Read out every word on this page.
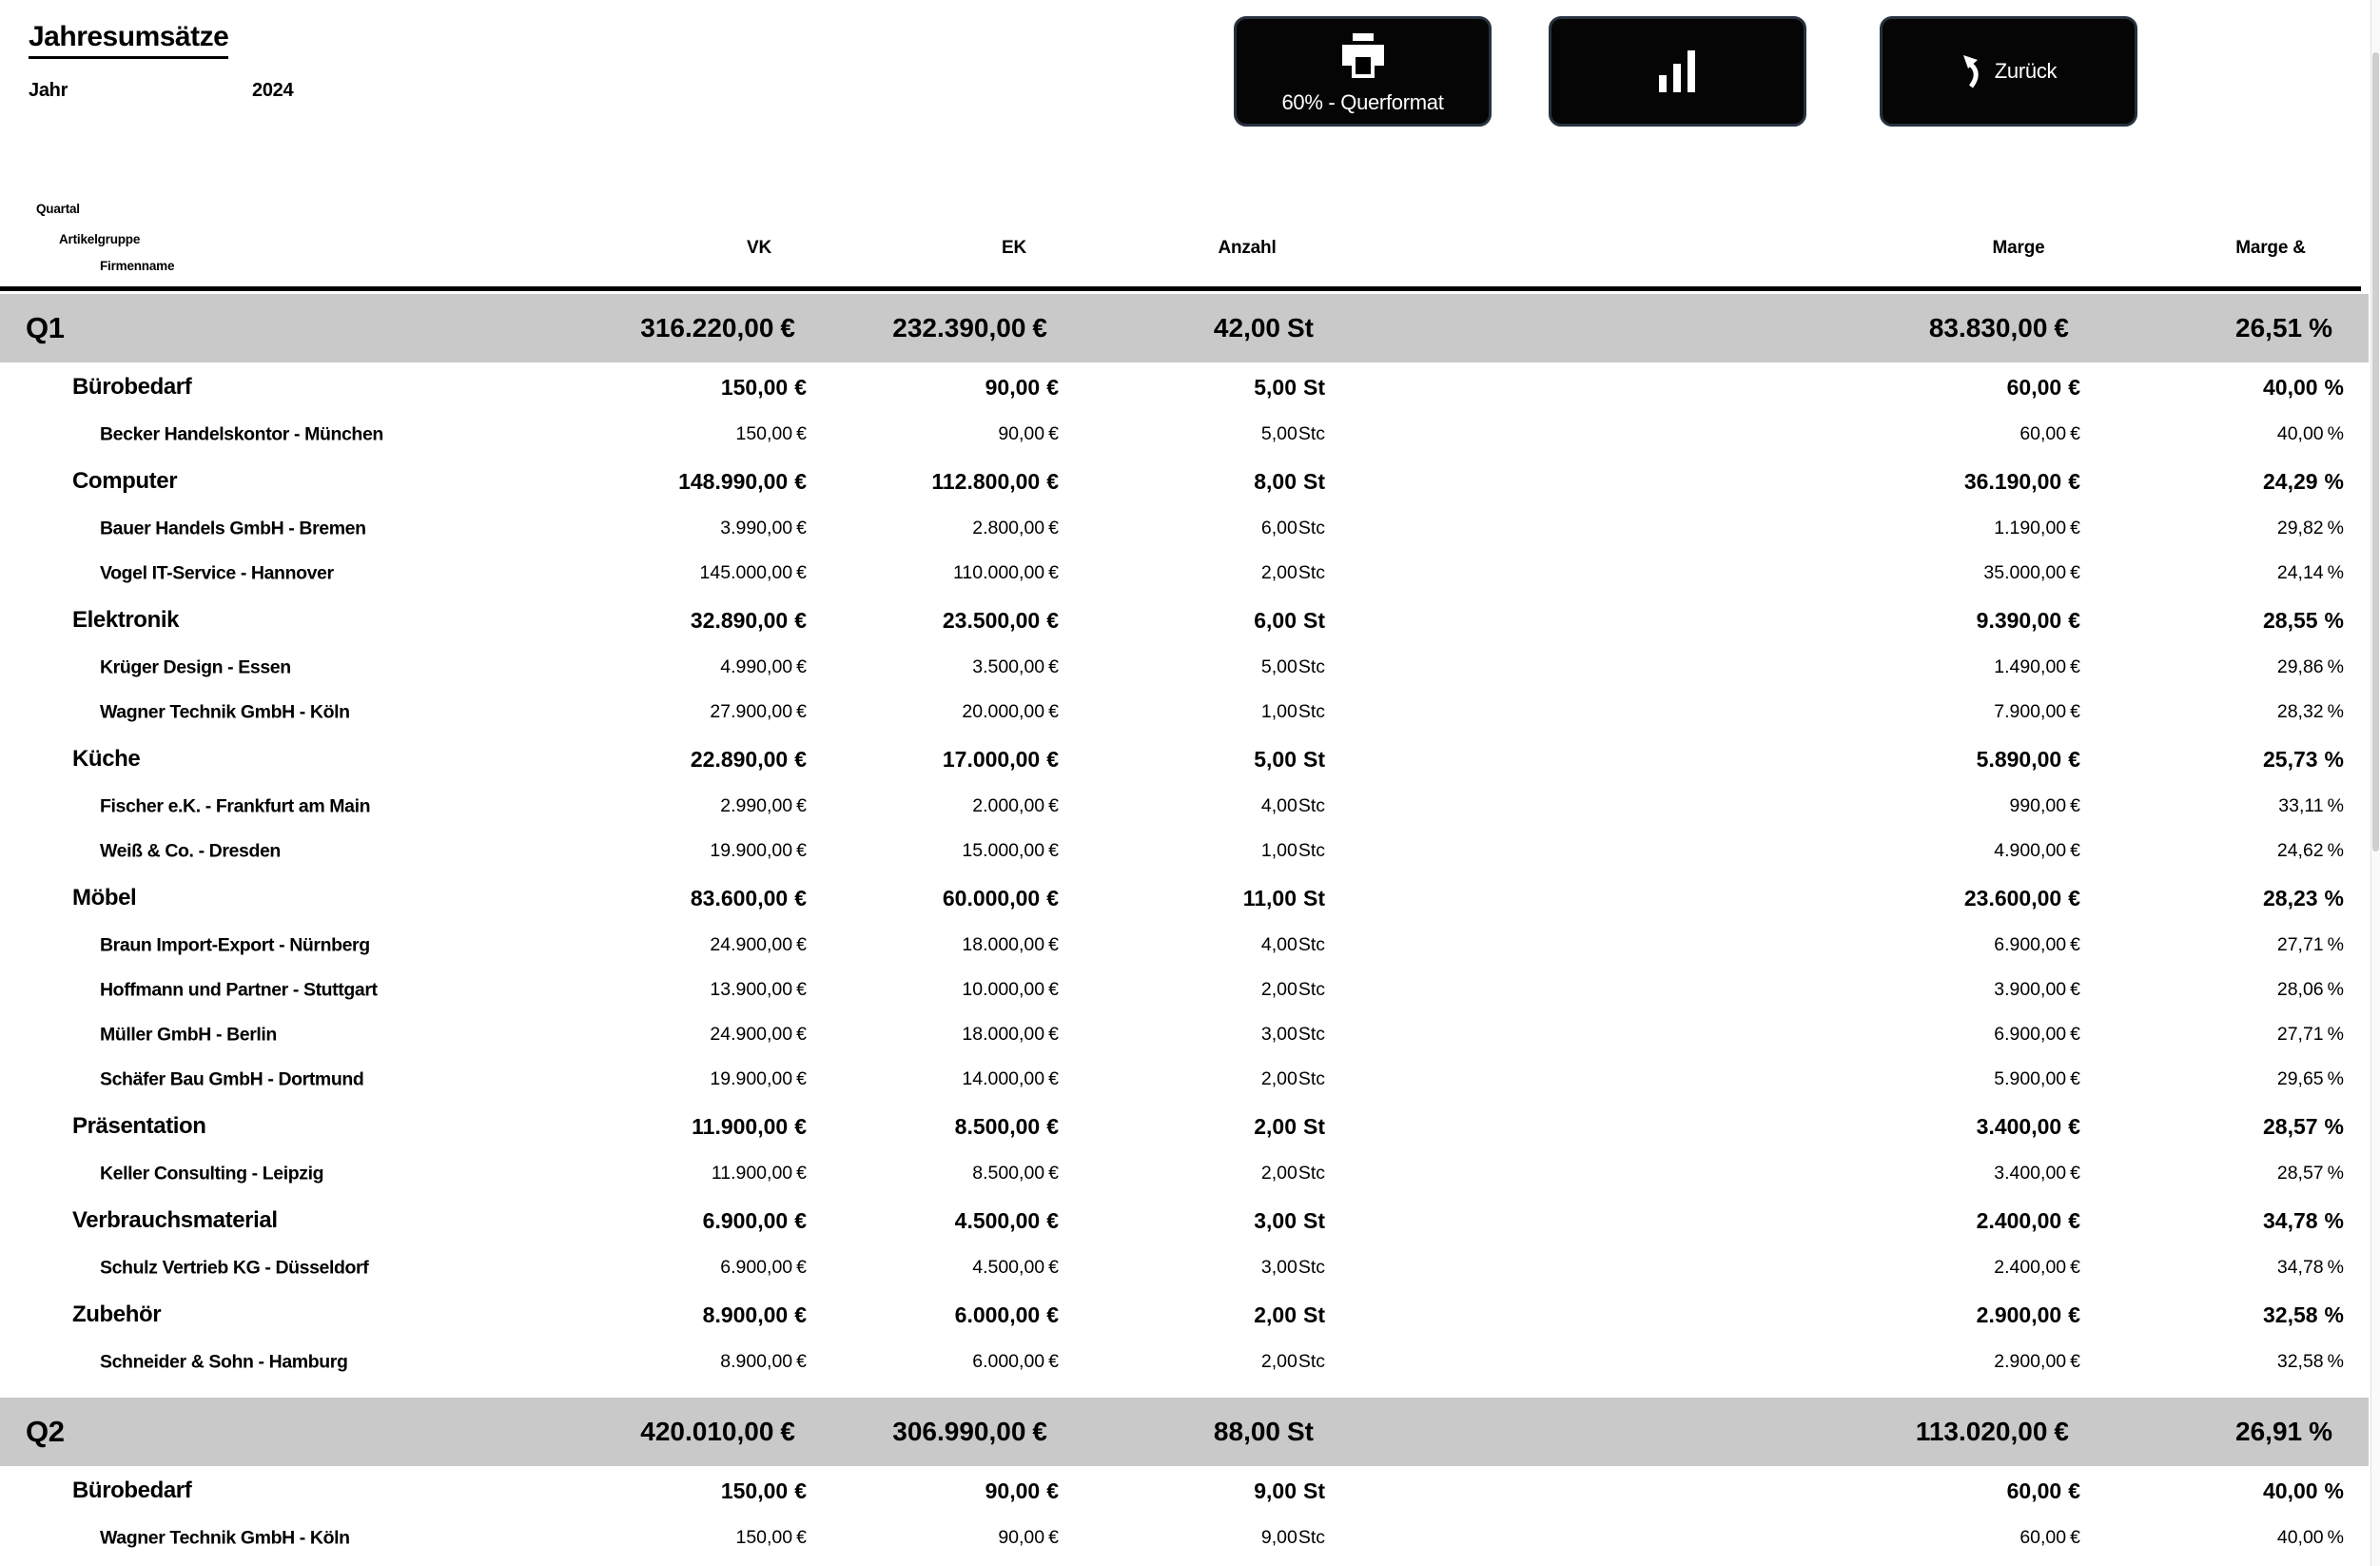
Jahresumsätze
Jahr	2024	60% - Querformat
Zurück
Quartal
Artikelgruppe
Firmenname
VK	EK	Anzahl	Marge	Marge &
Q1	316.220,00 €	232.390,00 €	42,00 St	83.830,00 €	26,51 %
Bürobedarf	150,00 €	90,00 €	5,00 St	60,00 €	40,00 %
Becker Handelskontor - München	150,00 €	90,00 €	5,00 Stc	60,00 €	40,00 %
Computer	148.990,00 €	112.800,00 €	8,00 St	36.190,00 €	24,29 %
Bauer Handels GmbH - Bremen	3.990,00 €	2.800,00 €	6,00 Stc	1.190,00 €	29,82 %
Vogel IT-Service - Hannover	145.000,00 €	110.000,00 €	2,00 Stc	35.000,00 €	24,14 %
Elektronik	32.890,00 €	23.500,00 €	6,00 St	9.390,00 €	28,55 %
Krüger Design - Essen	4.990,00 €	3.500,00 €	5,00 Stc	1.490,00 €	29,86 %
Wagner Technik GmbH - Köln	27.900,00 €	20.000,00 €	1,00 Stc	7.900,00 €	28,32 %
Küche	22.890,00 €	17.000,00 €	5,00 St	5.890,00 €	25,73 %
Fischer e.K. - Frankfurt am Main	2.990,00 €	2.000,00 €	4,00 Stc	990,00 €	33,11 %
Weiß & Co. - Dresden	19.900,00 €	15.000,00 €	1,00 Stc	4.900,00 €	24,62 %
Möbel	83.600,00 €	60.000,00 €	11,00 St	23.600,00 €	28,23 %
Braun Import-Export - Nürnberg	24.900,00 €	18.000,00 €	4,00 Stc	6.900,00 €	27,71 %
Hoffmann und Partner - Stuttgart	13.900,00 €	10.000,00 €	2,00 Stc	3.900,00 €	28,06 %
Müller GmbH - Berlin	24.900,00 €	18.000,00 €	3,00 Stc	6.900,00 €	27,71 %
Schäfer Bau GmbH - Dortmund	19.900,00 €	14.000,00 €	2,00 Stc	5.900,00 €	29,65 %
Präsentation	11.900,00 €	8.500,00 €	2,00 St	3.400,00 €	28,57 %
Keller Consulting - Leipzig	11.900,00 €	8.500,00 €	2,00 Stc	3.400,00 €	28,57 %
Verbrauchsmaterial	6.900,00 €	4.500,00 €	3,00 St	2.400,00 €	34,78 %
Schulz Vertrieb KG - Düsseldorf	6.900,00 €	4.500,00 €	3,00 Stc	2.400,00 €	34,78 %
Zubehör	8.900,00 €	6.000,00 €	2,00 St	2.900,00 €	32,58 %
Schneider & Sohn - Hamburg	8.900,00 €	6.000,00 €	2,00 Stc	2.900,00 €	32,58 %
Q2	420.010,00 €	306.990,00 €	88,00 St	113.020,00 €	26,91 %
Bürobedarf	150,00 €	90,00 €	9,00 St	60,00 €	40,00 %
Wagner Technik GmbH - Köln	150,00 €	90,00 €	9,00 Stc	60,00 €	40,00 %
